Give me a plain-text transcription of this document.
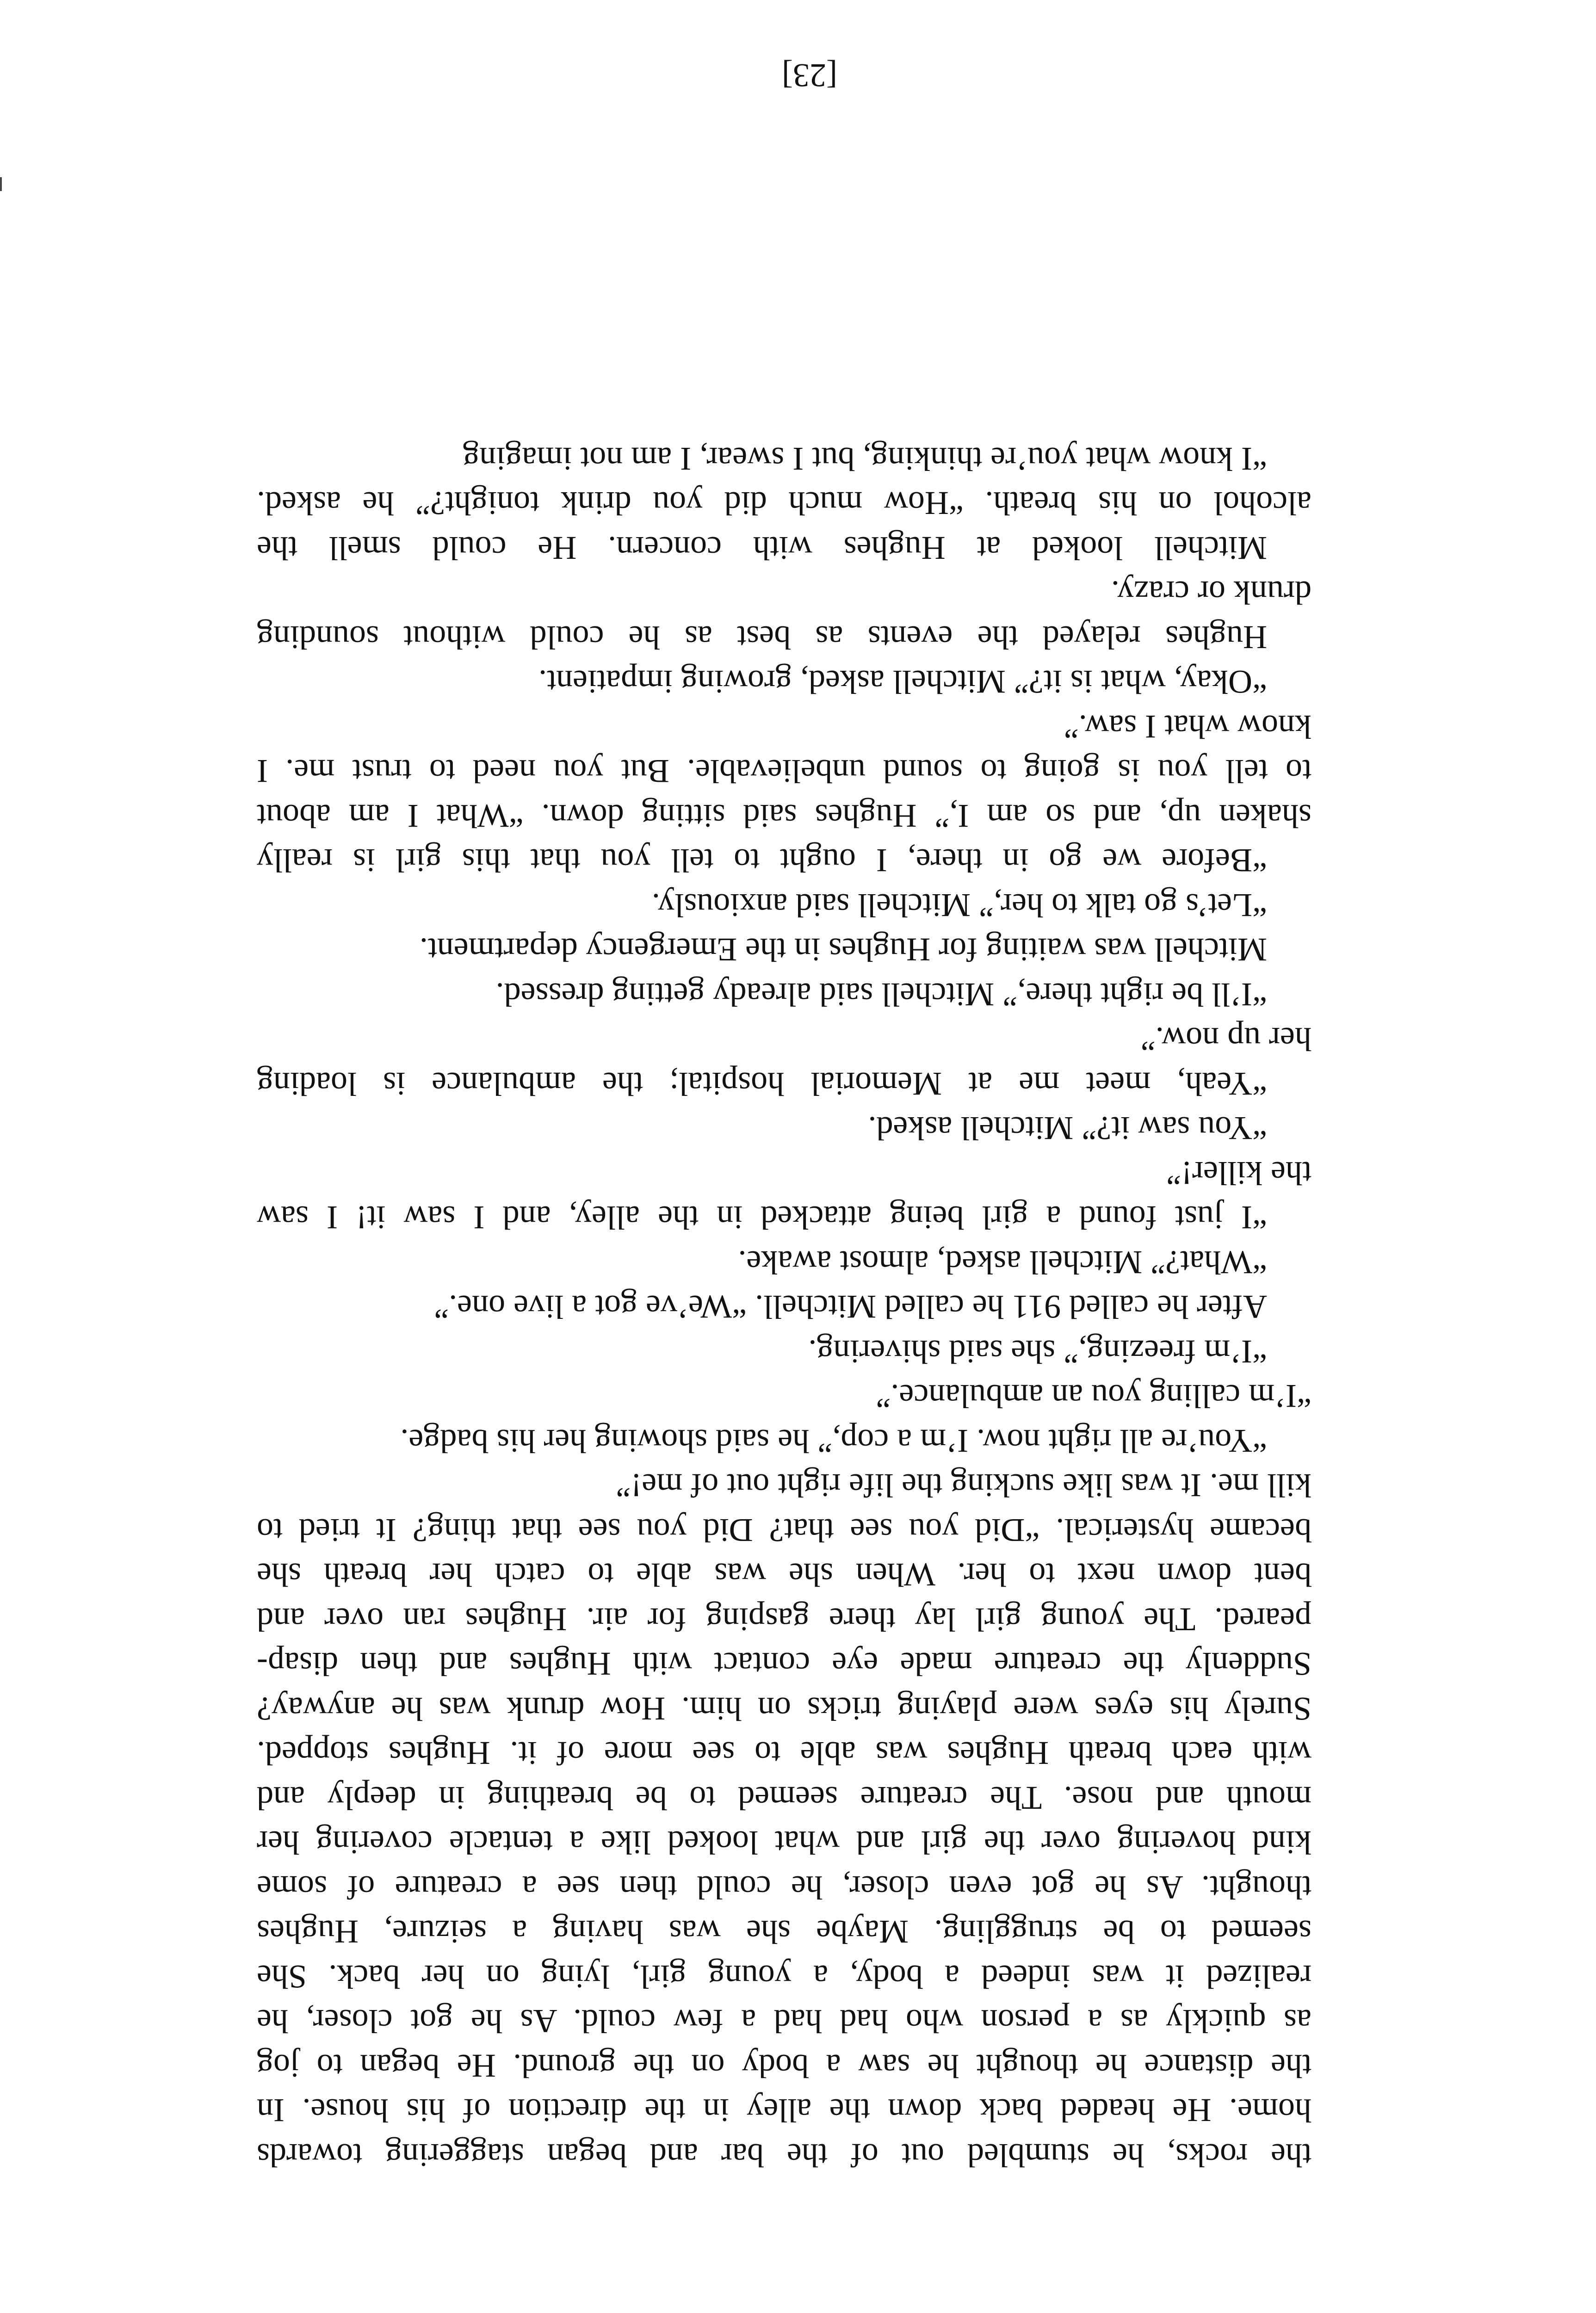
the rocks, he stumbled out of the bar and began staggering towards
home. He headed back down the alley in the direction of his house. In
the distance he thought he saw a body on the ground. He began to jog
as quickly as a person who had had a few could. As he got closer, he
realized it was indeed a body, a young girl, lying on her back. She
seemed to be struggling. Maybe she was having a seizure, Hughes
thought. As he got even closer, he could then see a creature of some
kind hovering over the girl and what looked like a tentacle covering her
mouth and nose. The creature seemed to be breathing in deeply and
with each breath Hughes was able to see more of it. Hughes stopped.
Surely his eyes were playing tricks on him. How drunk was he anyway?
Suddenly the creature made eye contact with Hughes and then disap-
peared. The young girl lay there gasping for air. Hughes ran over and
bent down next to her. When she was able to catch her breath she
became hysterical. “Did you see that? Did you see that thing? It tried to
kill me. It was like sucking the life right out of me!”
“You’re all right now. I’m a cop,” he said showing her his badge.
“I’m calling you an ambulance.”
“I’m freezing,” she said shivering.
After he called 911 he called Mitchell. “We’ve got a live one.”
“What?” Mitchell asked, almost awake.
“I just found a girl being attacked in the alley, and I saw it! I saw
the killer!”
“You saw it?” Mitchell asked.
“Yeah, meet me at Memorial hospital; the ambulance is loading
her up now.”
“I’ll be right there,” Mitchell said already getting dressed.
Mitchell was waiting for Hughes in the Emergency department.
“Let’s go talk to her,” Mitchell said anxiously.
“Before we go in there, I ought to tell you that this girl is really
shaken up, and so am I,” Hughes said sitting down. “What I am about
to tell you is going to sound unbelievable. But you need to trust me. I
know what I saw.”
“Okay, what is it?” Mitchell asked, growing impatient.
Hughes relayed the events as best as he could without sounding
drunk or crazy.
Mitchell looked at Hughes with concern. He could smell the
alcohol on his breath. “How much did you drink tonight?” he asked.
“I know what you’re thinking, but I swear, I am not imaging
[23]
